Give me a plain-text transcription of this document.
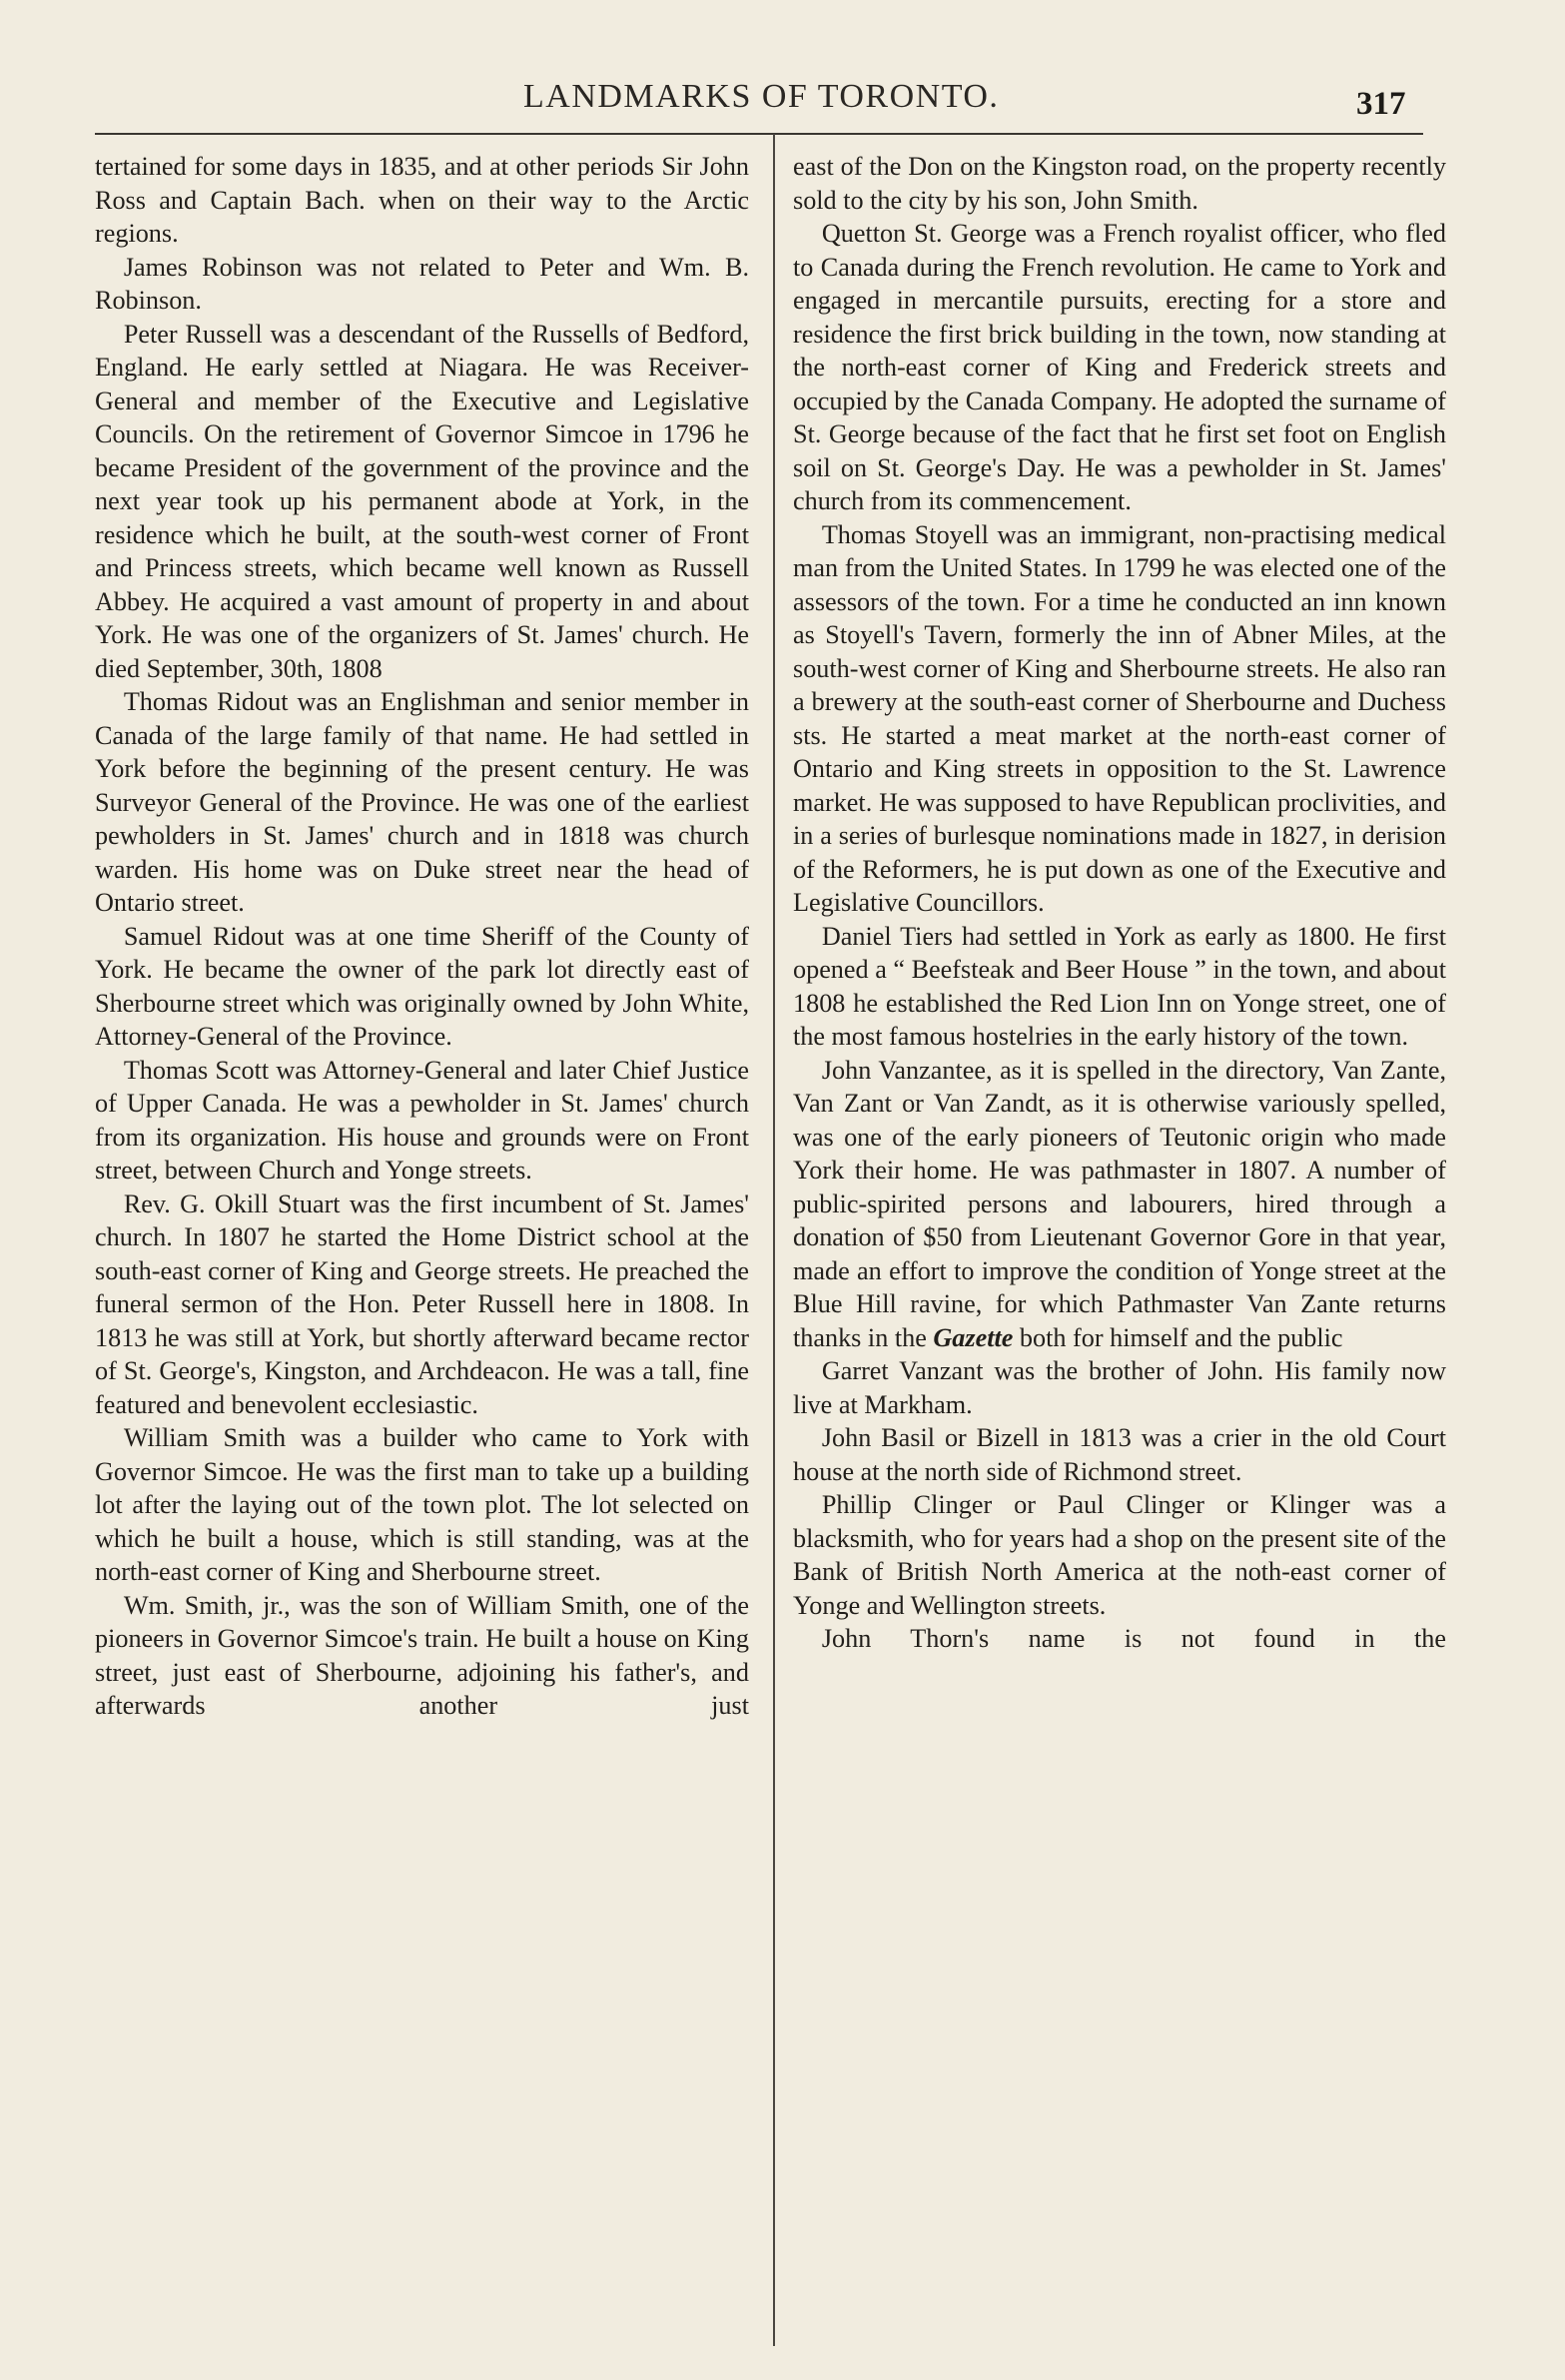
LANDMARKS OF TORONTO.	317

tertained for some days in 1835, and at other periods Sir John Ross and Captain Bach. when on their way to the Arctic regions.

James Robinson was not related to Peter and Wm. B. Robinson.

Peter Russell was a descendant of the Russells of Bedford, England. He early settled at Niagara. He was Receiver-General and member of the Executive and Legislative Councils. On the retirement of Governor Simcoe in 1796 he became President of the government of the province and the next year took up his permanent abode at York, in the residence which he built, at the south-west corner of Front and Princess streets, which became well known as Russell Abbey. He acquired a vast amount of property in and about York. He was one of the organizers of St. James' church. He died September, 30th, 1808

Thomas Ridout was an Englishman and senior member in Canada of the large family of that name. He had settled in York before the beginning of the present century. He was Surveyor General of the Province. He was one of the earliest pewholders in St. James' church and in 1818 was church warden. His home was on Duke street near the head of Ontario street.

Samuel Ridout was at one time Sheriff of the County of York. He became the owner of the park lot directly east of Sherbourne street which was originally owned by John White, Attorney-General of the Province.

Thomas Scott was Attorney-General and later Chief Justice of Upper Canada. He was a pewholder in St. James' church from its organization. His house and grounds were on Front street, between Church and Yonge streets.

Rev. G. Okill Stuart was the first incumbent of St. James' church. In 1807 he started the Home District school at the south-east corner of King and George streets. He preached the funeral sermon of the Hon. Peter Russell here in 1808. In 1813 he was still at York, but shortly afterward became rector of St. George's, Kingston, and Archdeacon. He was a tall, fine featured and benevolent ecclesiastic.

William Smith was a builder who came to York with Governor Simcoe. He was the first man to take up a building lot after the laying out of the town plot. The lot selected on which he built a house, which is still standing, was at the north-east corner of King and Sherbourne street.

Wm. Smith, jr., was the son of William Smith, one of the pioneers in Governor Simcoe's train. He built a house on King street, just east of Sherbourne, adjoining his father's, and afterwards another just

east of the Don on the Kingston road, on the property recently sold to the city by his son, John Smith.

Quetton St. George was a French royalist officer, who fled to Canada during the French revolution. He came to York and engaged in mercantile pursuits, erecting for a store and residence the first brick building in the town, now standing at the north-east corner of King and Frederick streets and occupied by the Canada Company. He adopted the surname of St. George because of the fact that he first set foot on English soil on St. George's Day. He was a pewholder in St. James' church from its commencement.

Thomas Stoyell was an immigrant, non-practising medical man from the United States. In 1799 he was elected one of the assessors of the town. For a time he conducted an inn known as Stoyell's Tavern, formerly the inn of Abner Miles, at the south-west corner of King and Sherbourne streets. He also ran a brewery at the south-east corner of Sherbourne and Duchess sts. He started a meat market at the north-east corner of Ontario and King streets in opposition to the St. Lawrence market. He was supposed to have Republican proclivities, and in a series of burlesque nominations made in 1827, in derision of the Reformers, he is put down as one of the Executive and Legislative Councillors.

Daniel Tiers had settled in York as early as 1800. He first opened a “ Beefsteak and Beer House ” in the town, and about 1808 he established the Red Lion Inn on Yonge street, one of the most famous hostelries in the early history of the town.

John Vanzantee, as it is spelled in the directory, Van Zante, Van Zant or Van Zandt, as it is otherwise variously spelled, was one of the early pioneers of Teutonic origin who made York their home. He was pathmaster in 1807. A number of public-spirited persons and labourers, hired through a donation of $50 from Lieutenant Governor Gore in that year, made an effort to improve the condition of Yonge street at the Blue Hill ravine, for which Pathmaster Van Zante returns thanks in the Gazette both for himself and the public

Garret Vanzant was the brother of John. His family now live at Markham.

John Basil or Bizell in 1813 was a crier in the old Court house at the north side of Richmond street.

Phillip Clinger or Paul Clinger or Klinger was a blacksmith, who for years had a shop on the present site of the Bank of British North America at the noth-east corner of Yonge and Wellington streets.

John Thorn's name is not found in the
